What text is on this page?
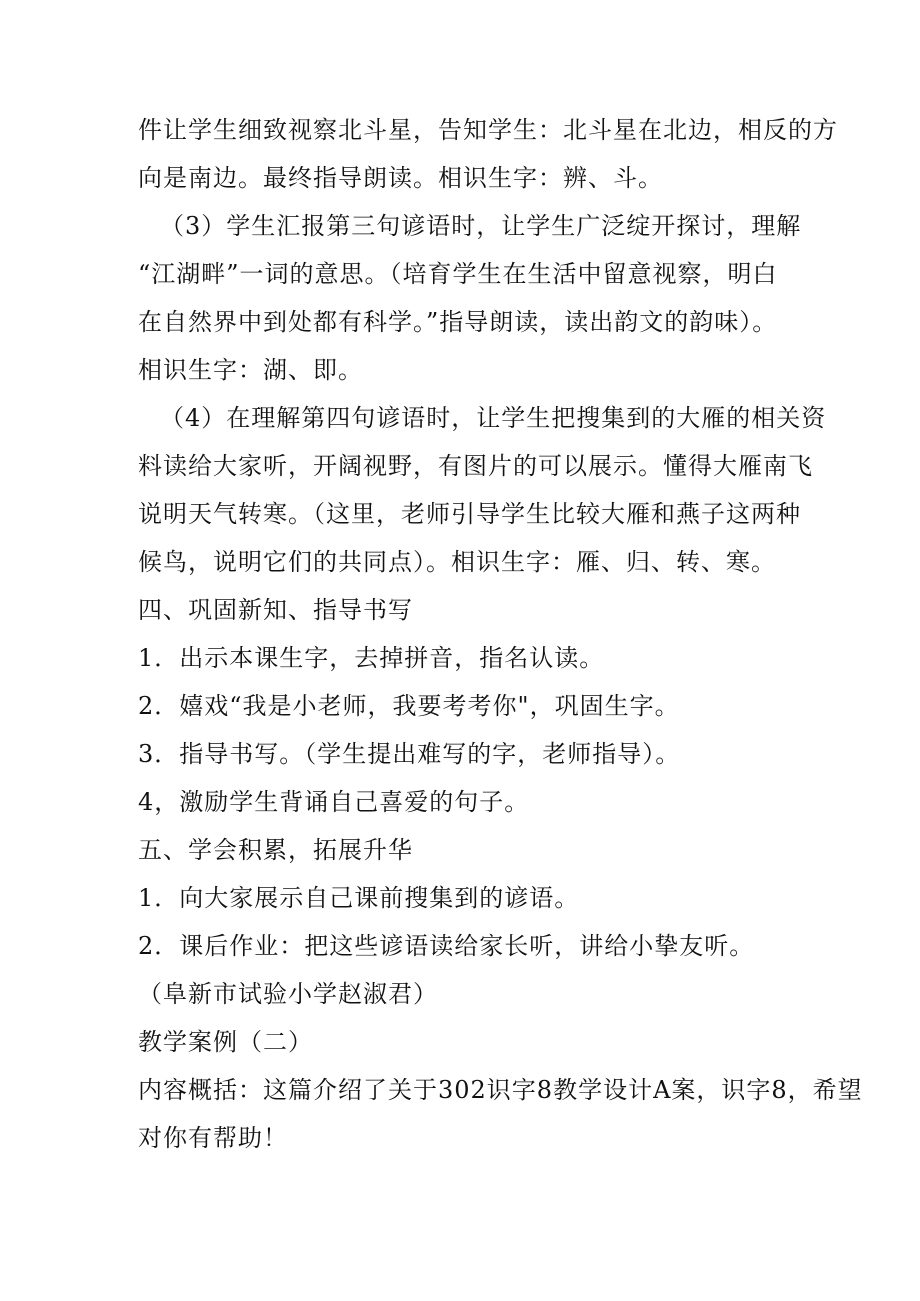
件让学生细致视察北斗星，告知学生：北斗星在北边，相反的方
向是南边。最终指导朗读。相识生字：辨、斗。
（3）学生汇报第三句谚语时，让学生广泛绽开探讨，理解
“江湖畔”一词的意思。（培育学生在生活中留意视察，明白
在自然界中到处都有科学。”指导朗读，读出韵文的韵味）。
相识生字：湖、即。
（4）在理解第四句谚语时，让学生把搜集到的大雁的相关资
料读给大家听，开阔视野，有图片的可以展示。懂得大雁南飞
说明天气转寒。（这里，老师引导学生比较大雁和燕子这两种
候鸟，说明它们的共同点）。相识生字：雁、归、转、寒。
四、巩固新知、指导书写
1．出示本课生字，去掉拼音，指名认读。
2．嬉戏“我是小老师，我要考考你"，巩固生字。
3．指导书写。（学生提出难写的字，老师指导）。
4，激励学生背诵自己喜爱的句子。
五、学会积累，拓展升华
1．向大家展示自己课前搜集到的谚语。
2．课后作业：把这些谚语读给家长听，讲给小挚友听。
（阜新市试验小学赵淑君）
教学案例（二）
内容概括：这篇介绍了关于302识字8教学设计A案，识字8，希望
对你有帮助！
